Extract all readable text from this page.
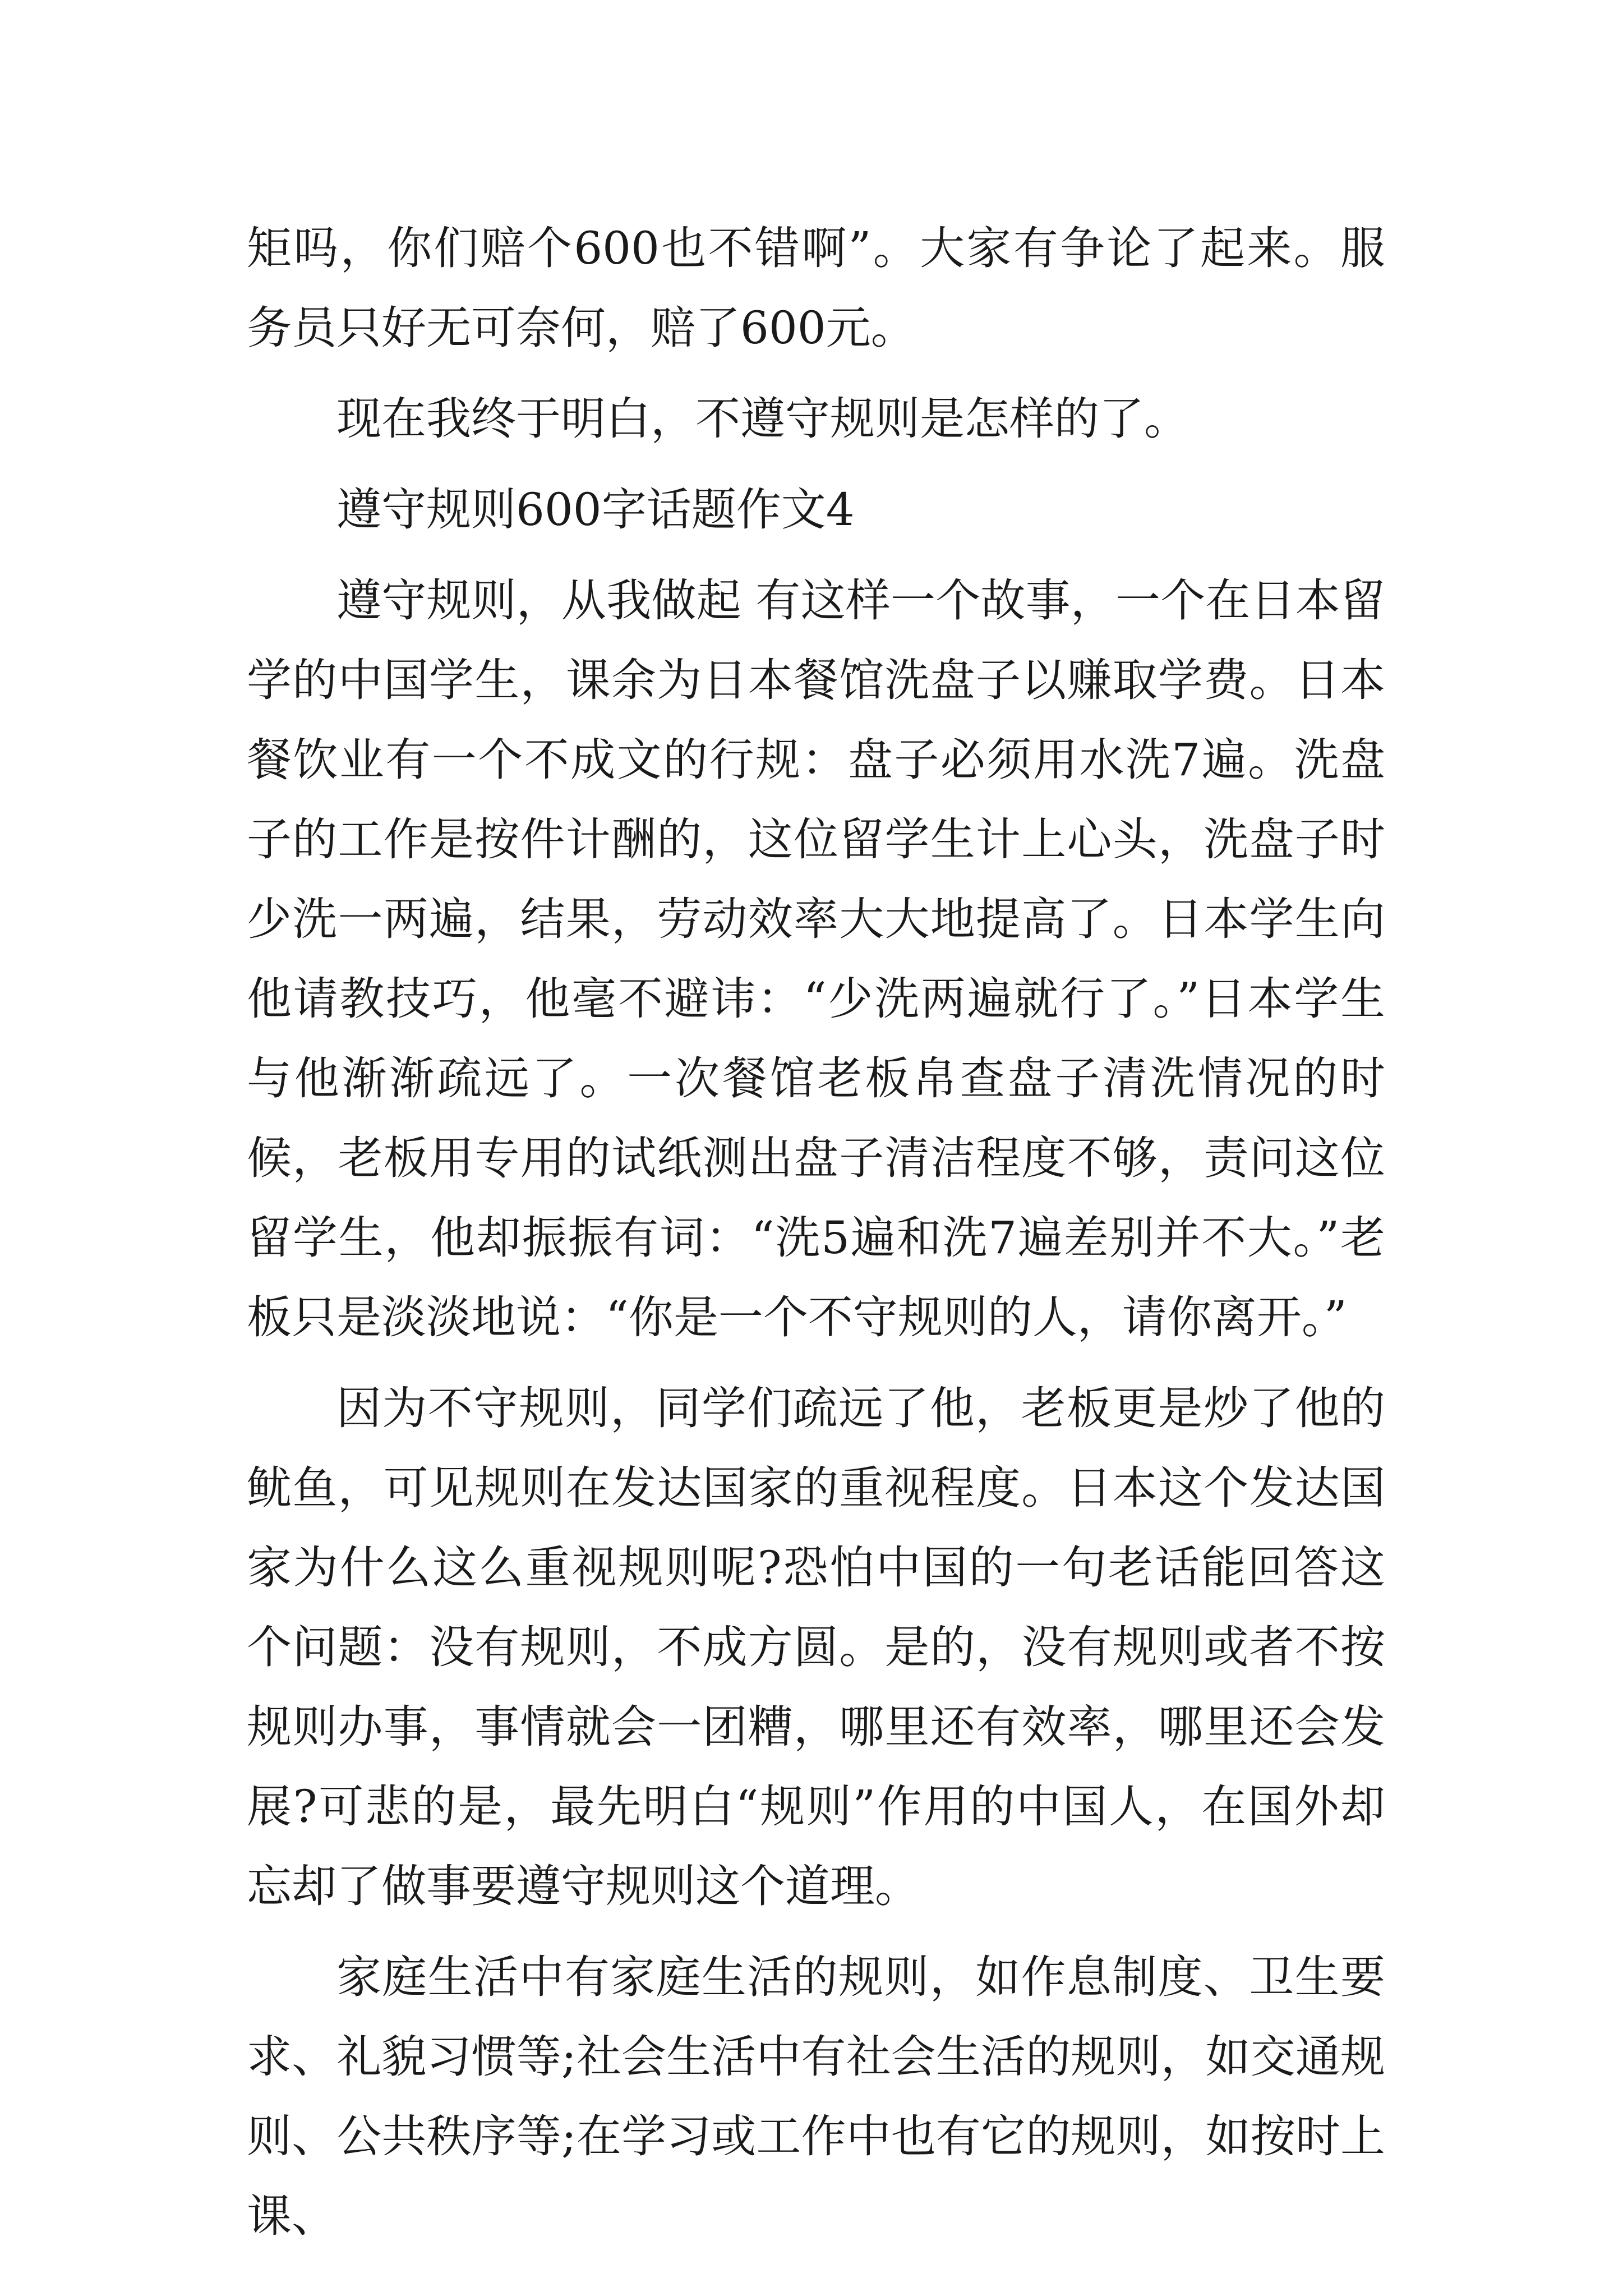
矩吗，你们赔个600也不错啊”。大家有争论了起来。服务员只好无可奈何，赔了600元。

现在我终于明白，不遵守规则是怎样的了。

遵守规则600字话题作文4

遵守规则，从我做起 有这样一个故事，一个在日本留学的中国学生，课余为日本餐馆洗盘子以赚取学费。日本餐饮业有一个不成文的行规：盘子必须用水洗7遍。洗盘子的工作是按件计酬的，这位留学生计上心头，洗盘子时少洗一两遍，结果，劳动效率大大地提高了。日本学生向他请教技巧，他毫不避讳：“少洗两遍就行了。”日本学生与他渐渐疏远了。一次餐馆老板帛查盘子清洗情况的时候，老板用专用的试纸测出盘子清洁程度不够，责问这位留学生，他却振振有词：“洗5遍和洗7遍差别并不大。”老板只是淡淡地说：“你是一个不守规则的人，请你离开。”

因为不守规则，同学们疏远了他，老板更是炒了他的鱿鱼，可见规则在发达国家的重视程度。日本这个发达国家为什么这么重视规则呢?恐怕中国的一句老话能回答这个问题：没有规则，不成方圆。是的，没有规则或者不按规则办事，事情就会一团糟，哪里还有效率，哪里还会发展?可悲的是，最先明白“规则”作用的中国人，在国外却忘却了做事要遵守规则这个道理。

家庭生活中有家庭生活的规则，如作息制度、卫生要求、礼貌习惯等;社会生活中有社会生活的规则，如交通规则、公共秩序等;在学习或工作中也有它的规则，如按时上课、
